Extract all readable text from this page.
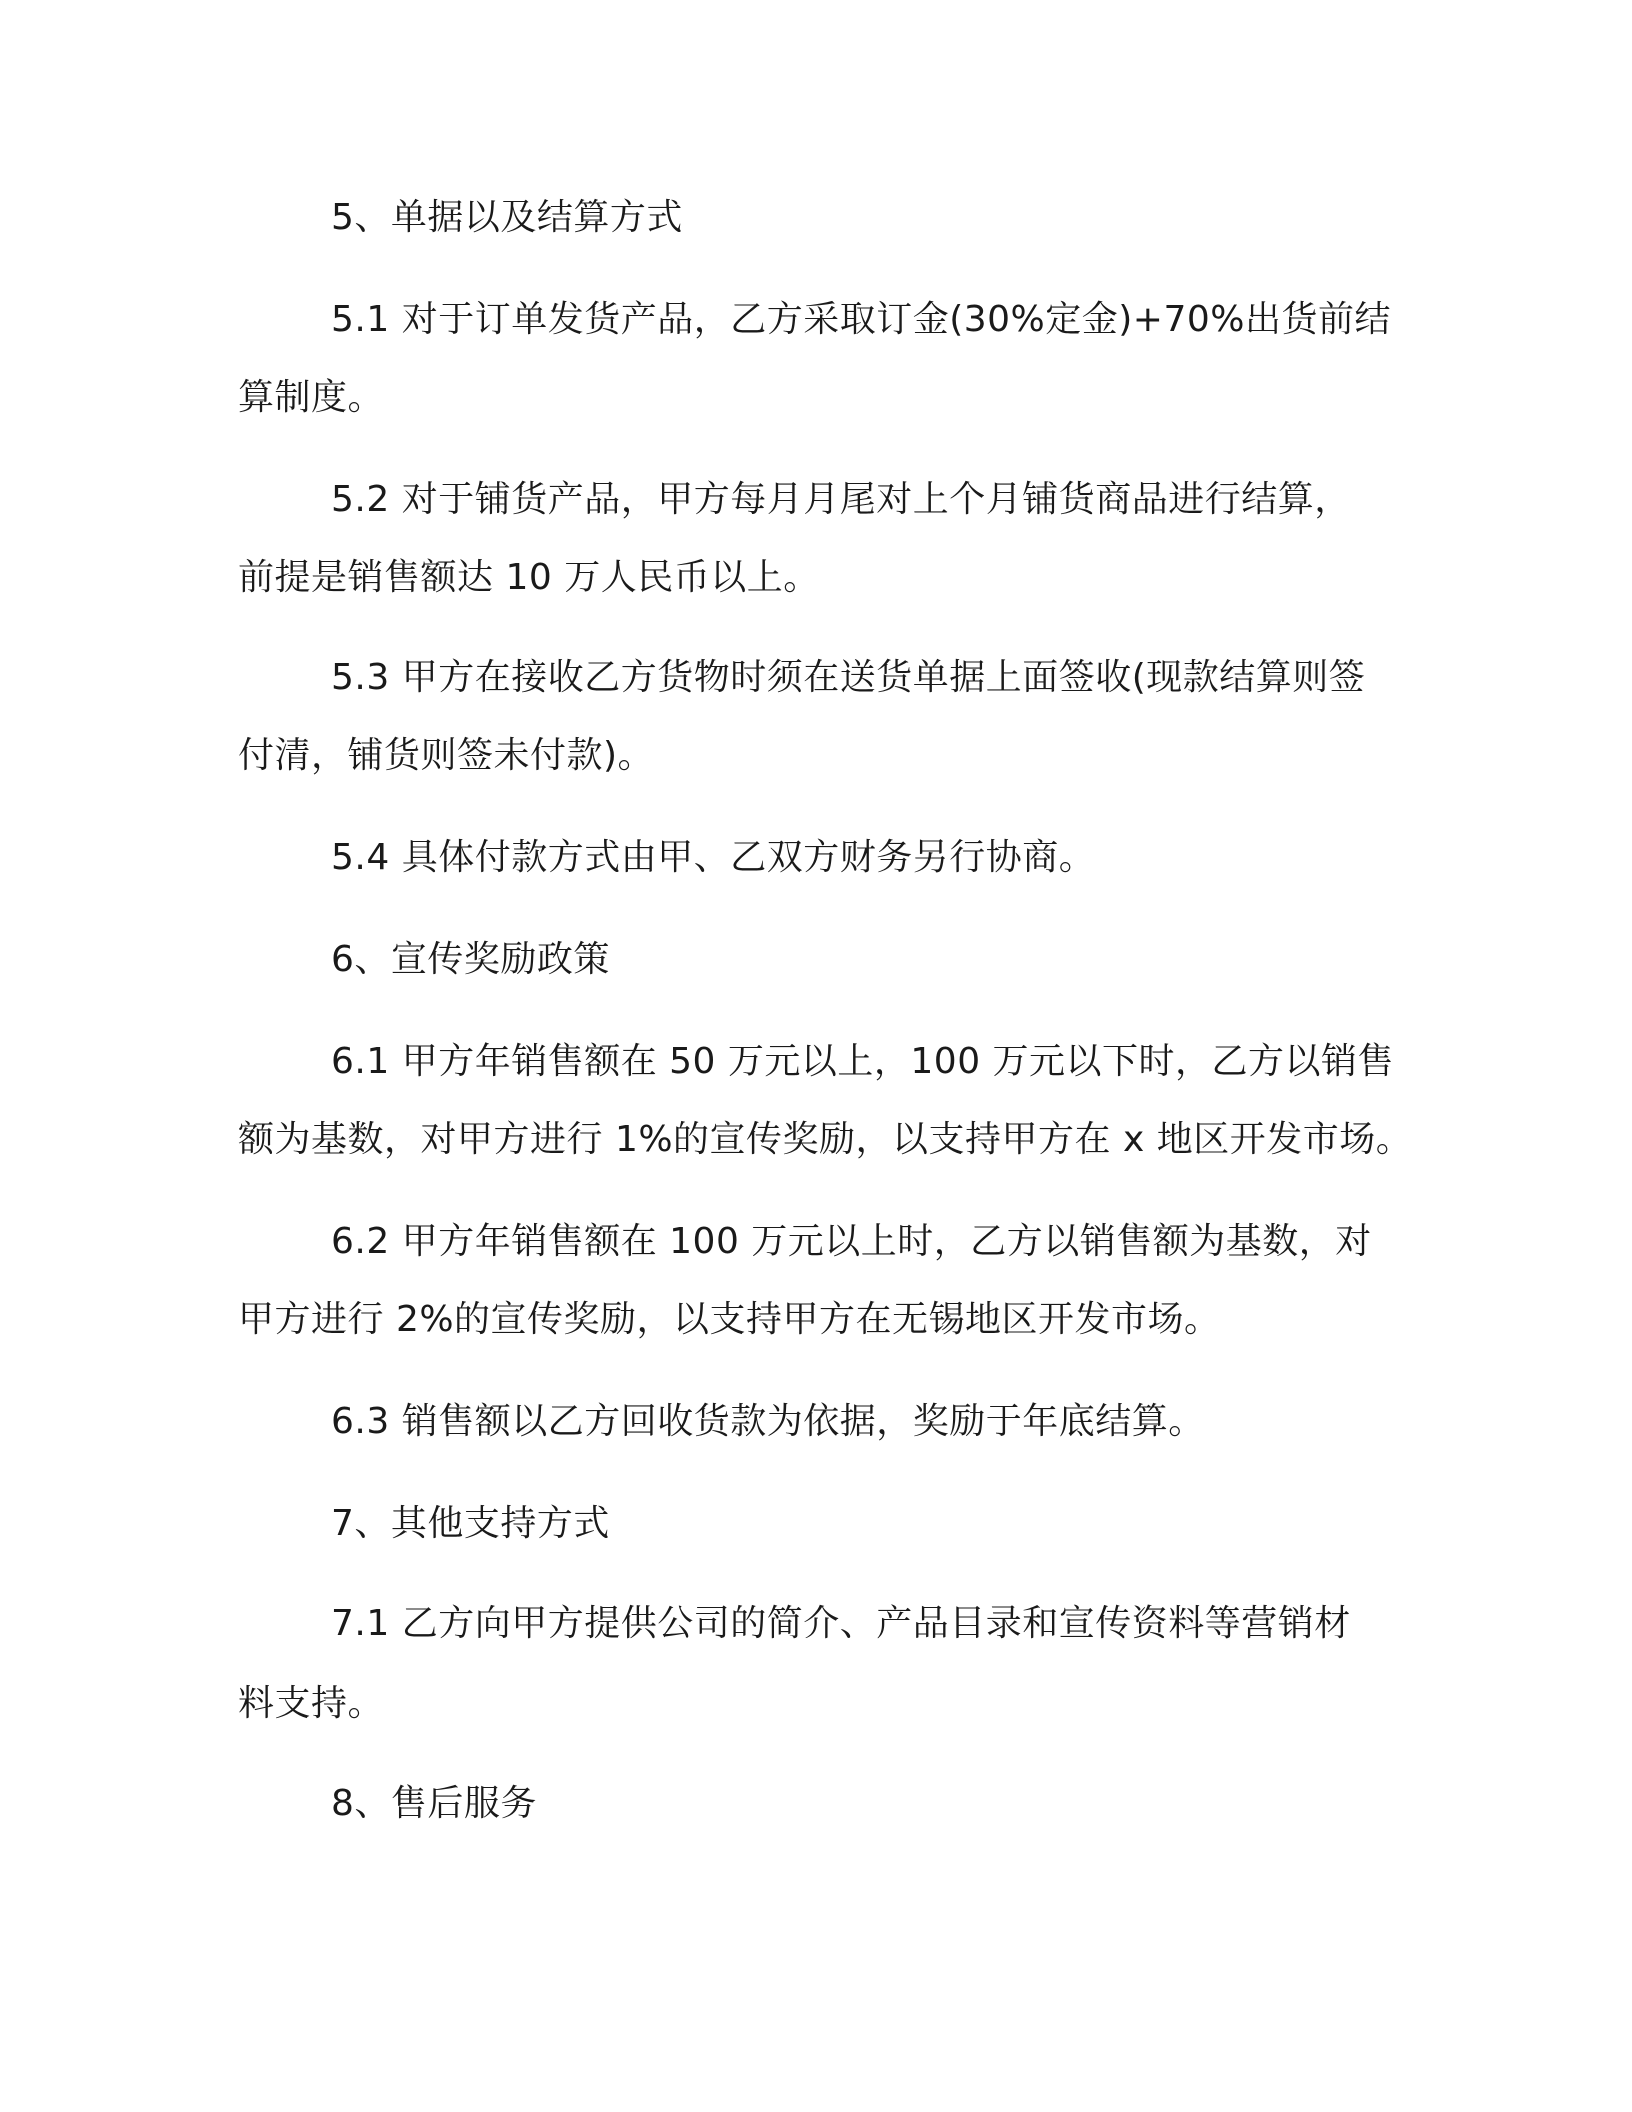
5、单据以及结算方式
5.1 对于订单发货产品，乙方采取订金(30%定金)+70%出货前结
算制度。
5.2 对于铺货产品，甲方每月月尾对上个月铺货商品进行结算，
前提是销售额达 10 万人民币以上。
5.3 甲方在接收乙方货物时须在送货单据上面签收(现款结算则签
付清，铺货则签未付款)。
5.4 具体付款方式由甲、乙双方财务另行协商。
6、宣传奖励政策
6.1 甲方年销售额在 50 万元以上，100 万元以下时，乙方以销售
额为基数，对甲方进行 1%的宣传奖励，以支持甲方在 x 地区开发市场。
6.2 甲方年销售额在 100 万元以上时，乙方以销售额为基数，对
甲方进行 2%的宣传奖励，以支持甲方在无锡地区开发市场。
6.3 销售额以乙方回收货款为依据，奖励于年底结算。
7、其他支持方式
7.1 乙方向甲方提供公司的简介、产品目录和宣传资料等营销材
料支持。
8、售后服务
